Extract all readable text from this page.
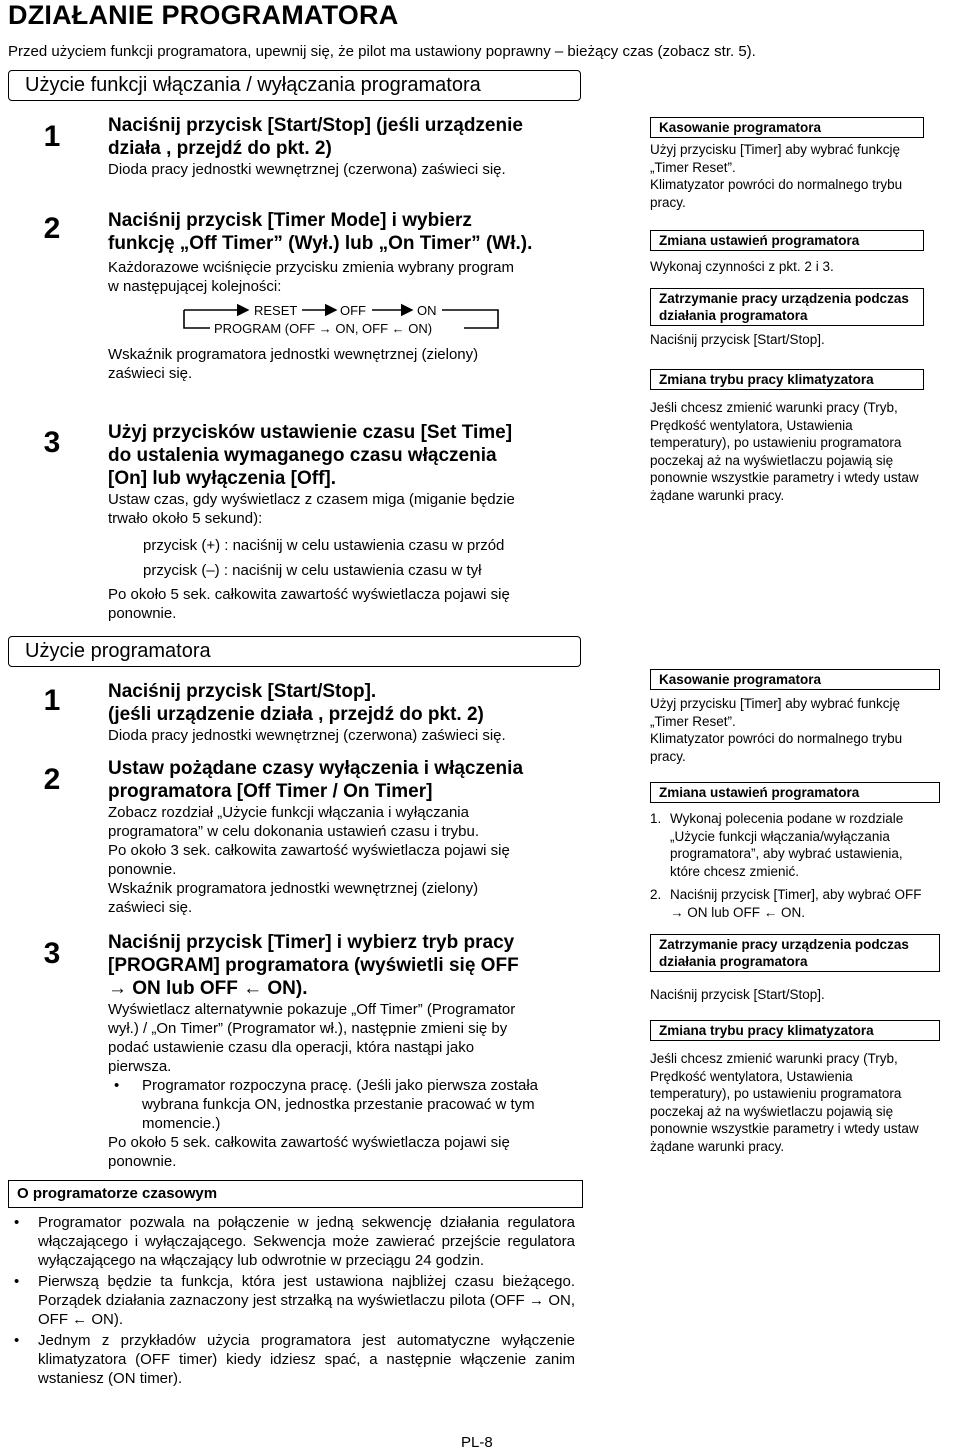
DZIAŁANIE PROGRAMATORA
Przed użyciem funkcji programatora, upewnij się, że pilot ma ustawiony poprawny – bieżący czas (zobacz str. 5).
Użycie funkcji włączania / wyłączania programatora
1	Naciśnij przycisk [Start/Stop] (jeśli urządzenie
działa , przejdź do pkt. 2)
Dioda pracy jednostki wewnętrznej (czerwona) zaświeci się.
2	Naciśnij przycisk [Timer Mode] i wybierz
funkcję „Off Timer” (Wył.) lub „On Timer” (Wł.).
Każdorazowe wciśnięcie przycisku zmienia wybrany program
w następującej kolejności:
RESET	OFF	ON
PROGRAM (OFF → ON, OFF ← ON)
Wskaźnik programatora jednostki wewnętrznej (zielony)
zaświeci się.
3	Użyj przycisków ustawienie czasu [Set Time]
do ustalenia wymaganego czasu włączenia
[On] lub wyłączenia [Off].
Ustaw czas, gdy wyświetlacz z czasem miga (miganie będzie
trwało około 5 sekund):
przycisk (+) : naciśnij w celu ustawienia czasu w przód
przycisk (–) : naciśnij w celu ustawienia czasu w tył
Po około 5 sek. całkowita zawartość wyświetlacza pojawi się
ponownie.
Kasowanie programatora
Użyj przycisku [Timer] aby wybrać funkcję
„Timer Reset”.
Klimatyzator powróci do normalnego trybu
pracy.
Zmiana ustawień programatora
Wykonaj czynności z pkt. 2 i 3.
Zatrzymanie pracy urządzenia podczas działania programatora
Naciśnij przycisk [Start/Stop].
Zmiana trybu pracy klimatyzatora
Jeśli chcesz zmienić warunki pracy (Tryb,
Prędkość wentylatora, Ustawienia
temperatury), po ustawieniu programatora
poczekaj aż na wyświetlaczu pojawią się
ponownie wszystkie parametry i wtedy ustaw
żądane warunki pracy.
Użycie programatora
1	Naciśnij przycisk [Start/Stop].
(jeśli urządzenie działa , przejdź do pkt. 2)
Dioda pracy jednostki wewnętrznej (czerwona) zaświeci się.
2	Ustaw pożądane czasy wyłączenia i włączenia
programatora [Off Timer / On Timer]
Zobacz rozdział „Użycie funkcji włączania i wyłączania
programatora” w celu dokonania ustawień czasu i trybu.
Po około 3 sek. całkowita zawartość wyświetlacza pojawi się
ponownie.
Wskaźnik programatora jednostki wewnętrznej (zielony)
zaświeci się.
3	Naciśnij przycisk [Timer] i wybierz tryb pracy
[PROGRAM] programatora (wyświetli się OFF
→ ON lub OFF ← ON).
Wyświetlacz alternatywnie pokazuje „Off Timer” (Programator
wył.) / „On Timer” (Programator wł.), następnie zmieni się by
podać ustawienie czasu dla operacji, która nastąpi jako
pierwsza.
• Programator rozpoczyna pracę. (Jeśli jako pierwsza została
wybrana funkcja ON, jednostka przestanie pracować w tym
momencie.)
Po około 5 sek. całkowita zawartość wyświetlacza pojawi się
ponownie.
Kasowanie programatora
Użyj przycisku [Timer] aby wybrać funkcję
„Timer Reset”.
Klimatyzator powróci do normalnego trybu
pracy.
Zmiana ustawień programatora
1. Wykonaj polecenia podane w rozdziale
„Użycie funkcji włączania/wyłączania
programatora”, aby wybrać ustawienia,
które chcesz zmienić.
2. Naciśnij przycisk [Timer], aby wybrać OFF
→ ON lub OFF ← ON.
Zatrzymanie pracy urządzenia podczas działania programatora
Naciśnij przycisk [Start/Stop].
Zmiana trybu pracy klimatyzatora
Jeśli chcesz zmienić warunki pracy (Tryb,
Prędkość wentylatora, Ustawienia
temperatury), po ustawieniu programatora
poczekaj aż na wyświetlaczu pojawią się
ponownie wszystkie parametry i wtedy ustaw
żądane warunki pracy.
O programatorze czasowym
• Programator pozwala na połączenie w jedną sekwencję działania regulatora włączającego i wyłączającego. Sekwencja może zawierać przejście regulatora wyłączającego na włączający lub odwrotnie w przeciągu 24 godzin.
• Pierwszą będzie ta funkcja, która jest ustawiona najbliżej czasu bieżącego. Porządek działania zaznaczony jest strzałką na wyświetlaczu pilota (OFF → ON, OFF ← ON).
• Jednym z przykładów użycia programatora jest automatyczne wyłączenie klimatyzatora (OFF timer) kiedy idziesz spać, a następnie włączenie zanim wstaniesz (ON timer).
PL-8
